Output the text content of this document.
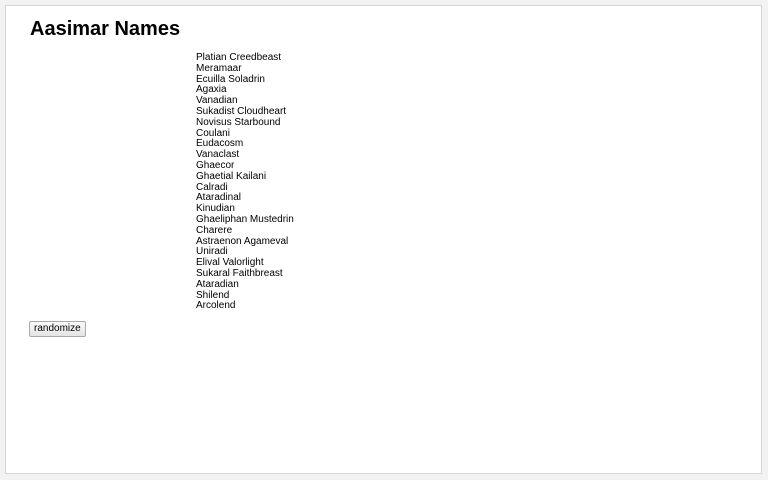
Aasimar Names
Platian Creedbeast
Meramaar
Ecuilla Soladrin
Agaxia
Vanadian
Sukadist Cloudheart
Novisus Starbound
Coulani
Eudacosm
Vanaclast
Ghaecor
Ghaetial Kailani
Calradi
Ataradinal
Kinudian
Ghaeliphan Mustedrin
Charere
Astraenon Agameval
Uniradi
Elival Valorlight
Sukaral Faithbreast
Ataradian
Shilend
Arcolend
randomize
